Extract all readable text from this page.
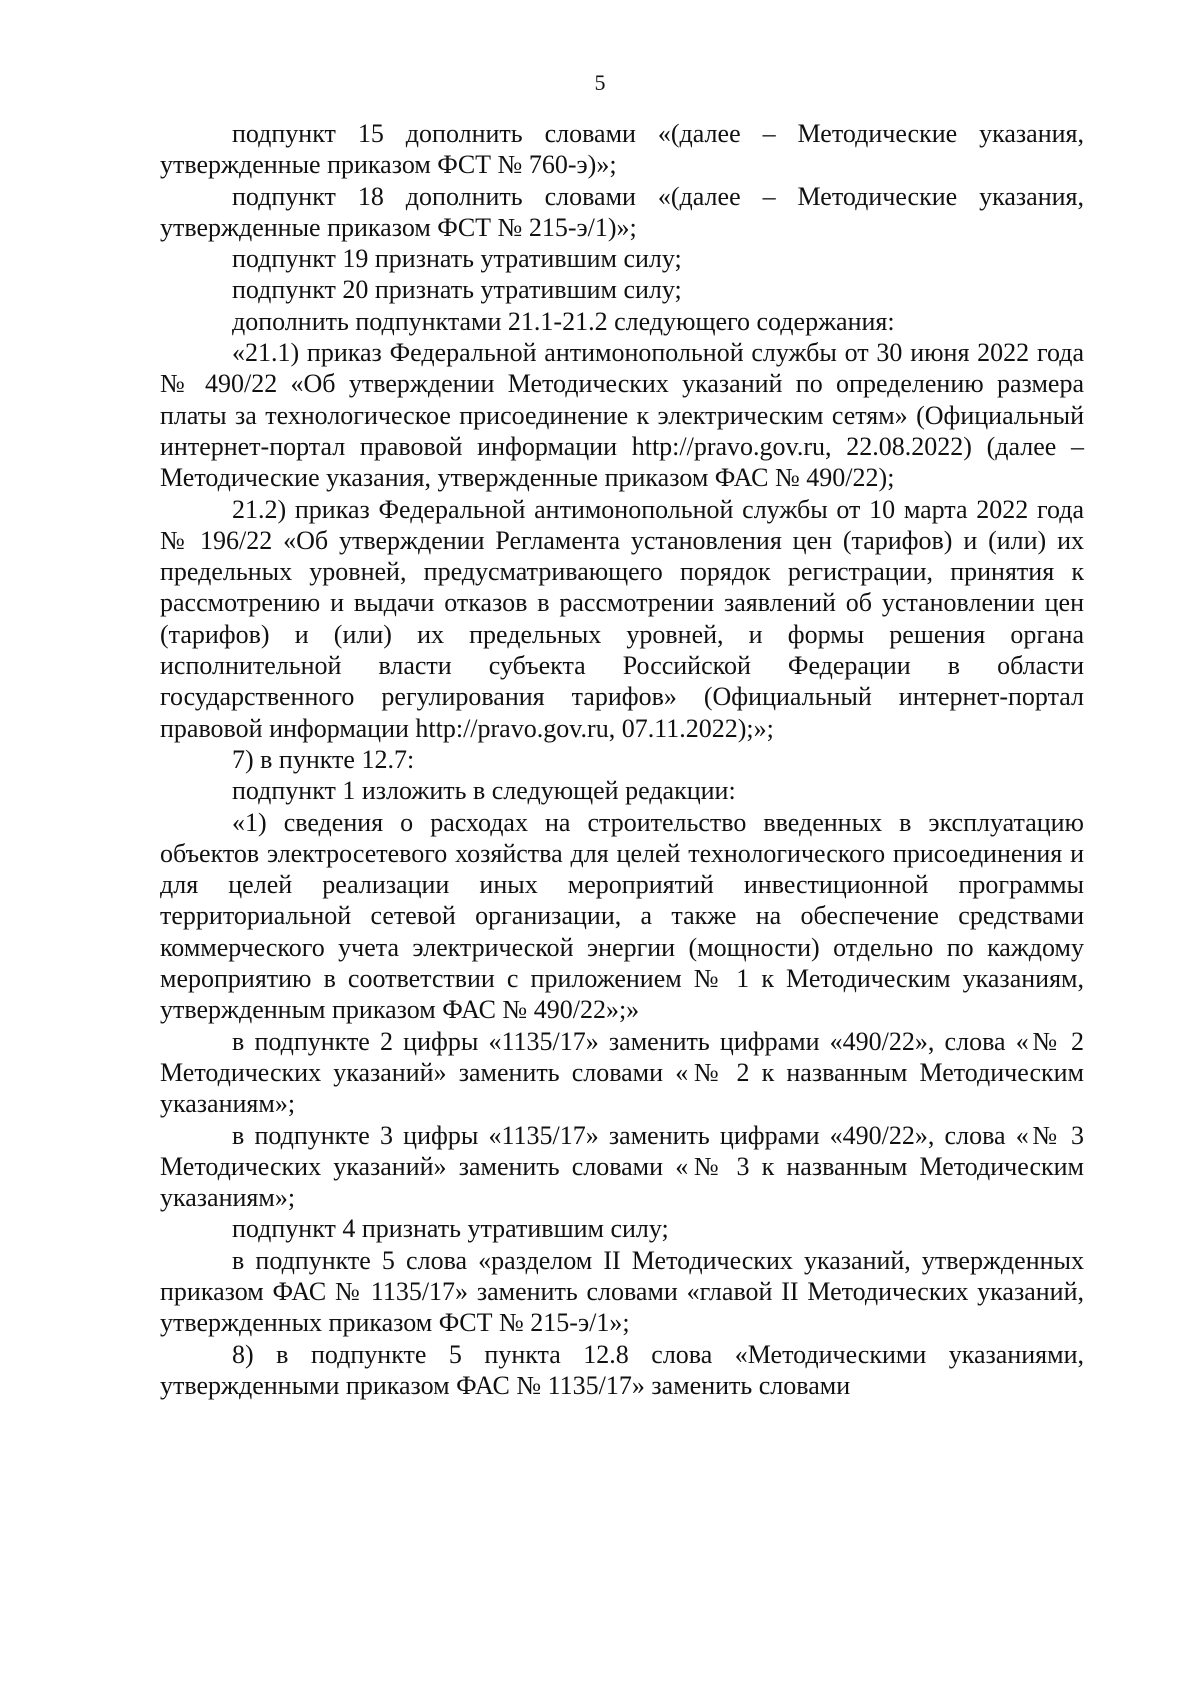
5

подпункт 15 дополнить словами «(далее – Методические указания, утвержденные приказом ФСТ № 760-э)»;

подпункт 18 дополнить словами «(далее – Методические указания, утвержденные приказом ФСТ № 215-э/1)»;

подпункт 19 признать утратившим силу;

подпункт 20 признать утратившим силу;

дополнить подпунктами 21.1-21.2 следующего содержания:

«21.1) приказ Федеральной антимонопольной службы от 30 июня 2022 года № 490/22 «Об утверждении Методических указаний по определению размера платы за технологическое присоединение к электрическим сетям» (Официальный интернет-портал правовой информации http://pravo.gov.ru, 22.08.2022) (далее – Методические указания, утвержденные приказом ФАС № 490/22);

21.2) приказ Федеральной антимонопольной службы от 10 марта 2022 года № 196/22 «Об утверждении Регламента установления цен (тарифов) и (или) их предельных уровней, предусматривающего порядок регистрации, принятия к рассмотрению и выдачи отказов в рассмотрении заявлений об установлении цен (тарифов) и (или) их предельных уровней, и формы решения органа исполнительной власти субъекта Российской Федерации в области государственного регулирования тарифов» (Официальный интернет-портал правовой информации http://pravo.gov.ru, 07.11.2022);»;

7) в пункте 12.7:

подпункт 1 изложить в следующей редакции:

«1) сведения о расходах на строительство введенных в эксплуатацию объектов электросетевого хозяйства для целей технологического присоединения и для целей реализации иных мероприятий инвестиционной программы территориальной сетевой организации, а также на обеспечение средствами коммерческого учета электрической энергии (мощности) отдельно по каждому мероприятию в соответствии с приложением № 1 к Методическим указаниям, утвержденным приказом ФАС № 490/22»;»

в подпункте 2 цифры «1135/17» заменить цифрами «490/22», слова «№ 2 Методических указаний» заменить словами «№ 2 к названным Методическим указаниям»;

в подпункте 3 цифры «1135/17» заменить цифрами «490/22», слова «№ 3 Методических указаний» заменить словами «№ 3 к названным Методическим указаниям»;

подпункт 4 признать утратившим силу;

в подпункте 5 слова «разделом II Методических указаний, утвержденных приказом ФАС № 1135/17» заменить словами «главой II Методических указаний, утвержденных приказом ФСТ № 215-э/1»;

8) в подпункте 5 пункта 12.8 слова «Методическими указаниями, утвержденными приказом ФАС № 1135/17» заменить словами
